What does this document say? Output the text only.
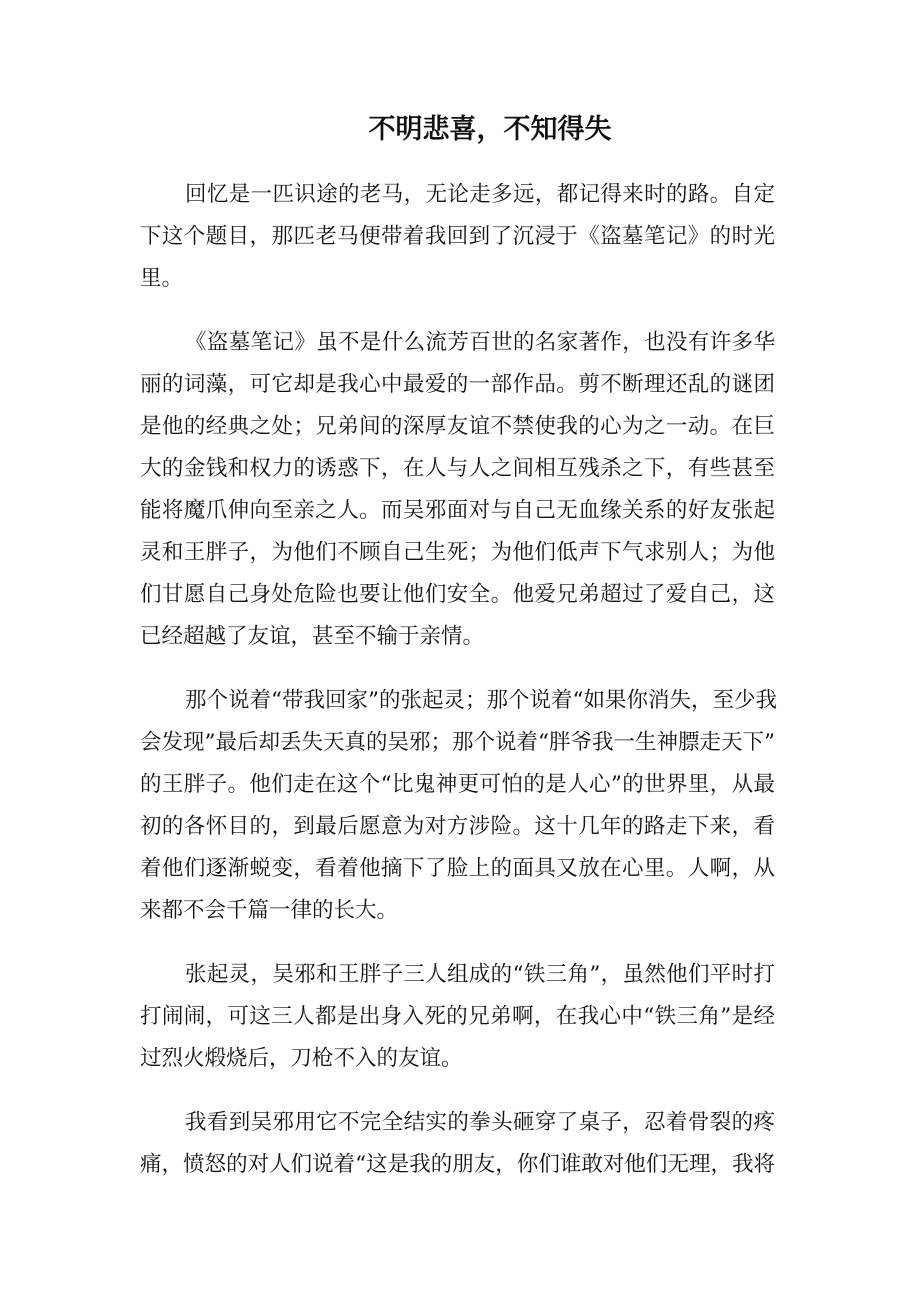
不明悲喜，不知得失
回忆是一匹识途的老马，无论走多远，都记得来时的路。自定
下这个题目，那匹老马便带着我回到了沉浸于《盗墓笔记》的时光
里。
《盗墓笔记》虽不是什么流芳百世的名家著作，也没有许多华
丽的词藻，可它却是我心中最爱的一部作品。剪不断理还乱的谜团
是他的经典之处；兄弟间的深厚友谊不禁使我的心为之一动。在巨
大的金钱和权力的诱惑下，在人与人之间相互残杀之下，有些甚至
能将魔爪伸向至亲之人。而吴邪面对与自己无血缘关系的好友张起
灵和王胖子，为他们不顾自己生死；为他们低声下气求别人；为他
们甘愿自己身处危险也要让他们安全。他爱兄弟超过了爱自己，这
已经超越了友谊，甚至不输于亲情。
那个说着“带我回家”的张起灵；那个说着“如果你消失，至少我
会发现”最后却丢失天真的吴邪；那个说着“胖爷我一生神膘走天下”
的王胖子。他们走在这个“比鬼神更可怕的是人心”的世界里，从最
初的各怀目的，到最后愿意为对方涉险。这十几年的路走下来，看
着他们逐渐蜕变，看着他摘下了脸上的面具又放在心里。人啊，从
来都不会千篇一律的长大。
张起灵，吴邪和王胖子三人组成的“铁三角”，虽然他们平时打
打闹闹，可这三人都是出身入死的兄弟啊，在我心中“铁三角”是经
过烈火煅烧后，刀枪不入的友谊。
我看到吴邪用它不完全结实的拳头砸穿了桌子，忍着骨裂的疼
痛，愤怒的对人们说着“这是我的朋友，你们谁敢对他们无理，我将
